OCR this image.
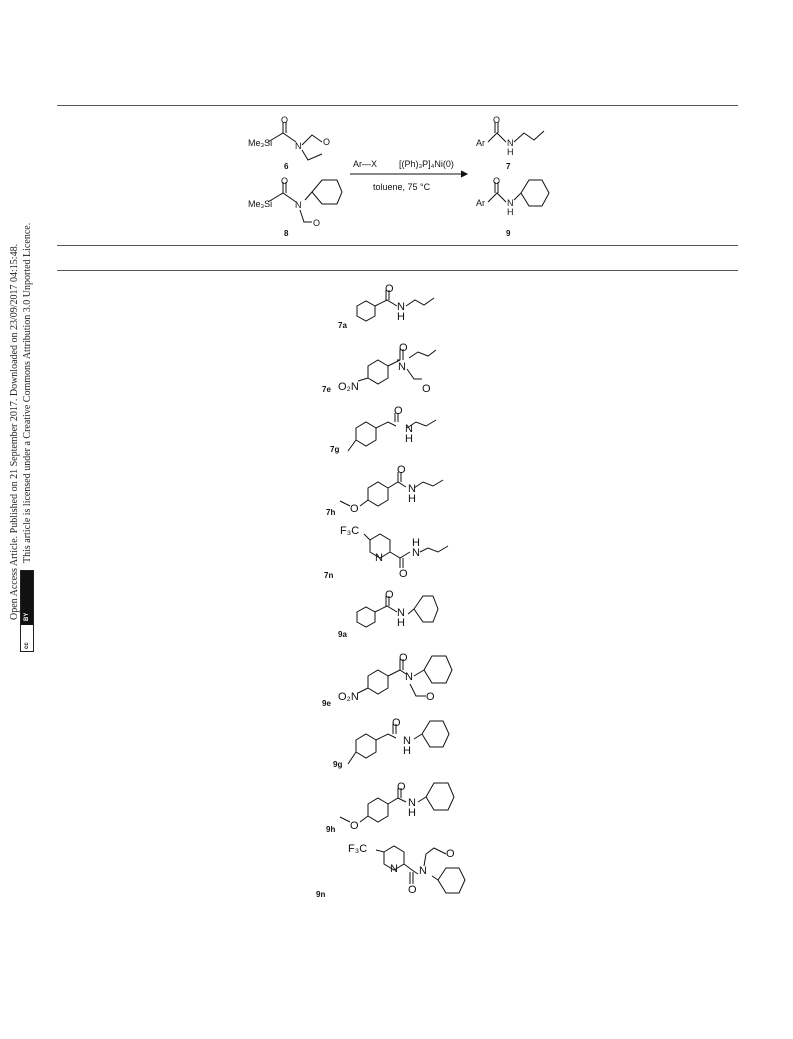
Open Access Article. Published on 21 September 2017. Downloaded on 23/09/2017 04:15:48. This article is licensed under a Creative Commons Attribution 3.0 Unported Licence.
BY
cc
Me₃Si
O
N O
6
Me₃Si
O
N
O
8
Ar—X [(Ph)₃P]₄Ni(0)
toluene, 75 °C
Ar
O
N
H
7
Ar
O
N
H
9
O
N
H
7a
O
N
O
O₂N
7e
O
N
H
7g
O
N
H
O
7h
F₃C
N
O
H
N
7n
O
N
H
9a
O
N
O
O₂N
9e
O
N
H
9g
O
N
H
O
9h
F₃C
N
O
N
O
9n
